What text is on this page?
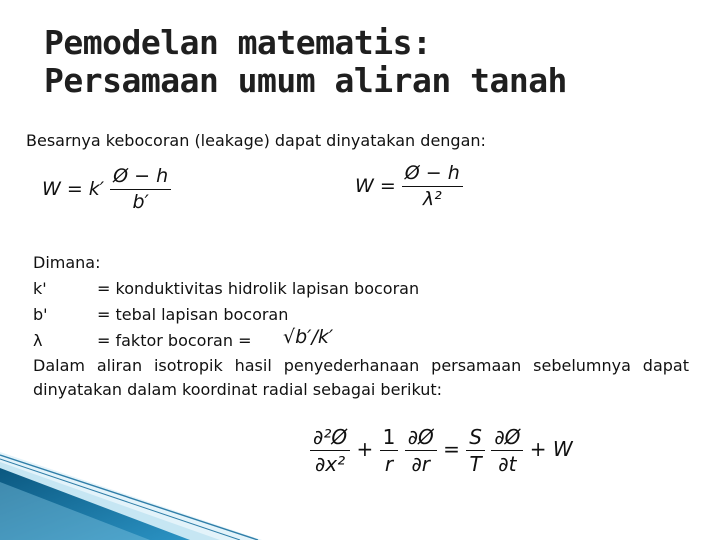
Pemodelan matematis:
Persamaan umum aliran tanah
Besarnya kebocoran (leakage) dapat dinyatakan dengan:
$W = k' \frac{Ø - h}{b'}$	$W = \frac{Ø - h}{\text{λ²}}$
Dimana:
k'	= konduktivitas hidrolik lapisan bocoran
b'	= tebal lapisan bocoran
λ	= faktor bocoran = √b′/k′
Dalam aliran isotropik hasil penyederhanaan persamaan sebelumnya dapat dinyatakan dalam koordinat radial sebagai berikut:
$\frac{\text{∂²Ø}}{\text{∂x²}} + \frac{1}{r}$
$\frac{\partial Ø}{\partial r} = \frac{S}{T}$
$\frac{\partial Ø}{\partial t} + W$
